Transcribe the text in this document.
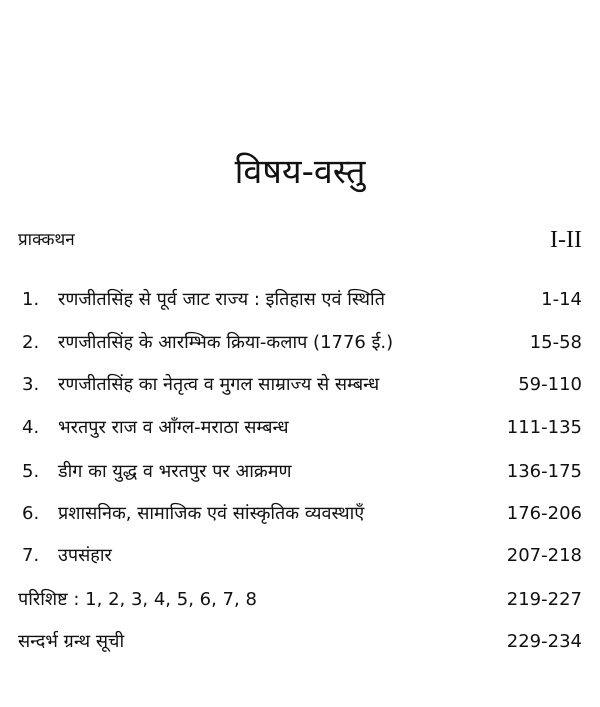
विषय-वस्तु
प्राक्कथन	I-II
1.	रणजीतसिंह से पूर्व जाट राज्य : इतिहास एवं स्थिति	1-14
2.	रणजीतसिंह के आरम्भिक क्रिया-कलाप (1776 ई.)	15-58
3.	रणजीतसिंह का नेतृत्व व मुगल साम्राज्य से सम्बन्ध	59-110
4.	भरतपुर राज व आँग्ल-मराठा सम्बन्ध	111-135
5.	डीग का युद्ध व भरतपुर पर आक्रमण	136-175
6.	प्रशासनिक, सामाजिक एवं सांस्कृतिक व्यवस्थाएँ	176-206
7.	उपसंहार	207-218
परिशिष्ट : 1, 2, 3, 4, 5, 6, 7, 8	219-227
सन्दर्भ ग्रन्थ सूची	229-234
